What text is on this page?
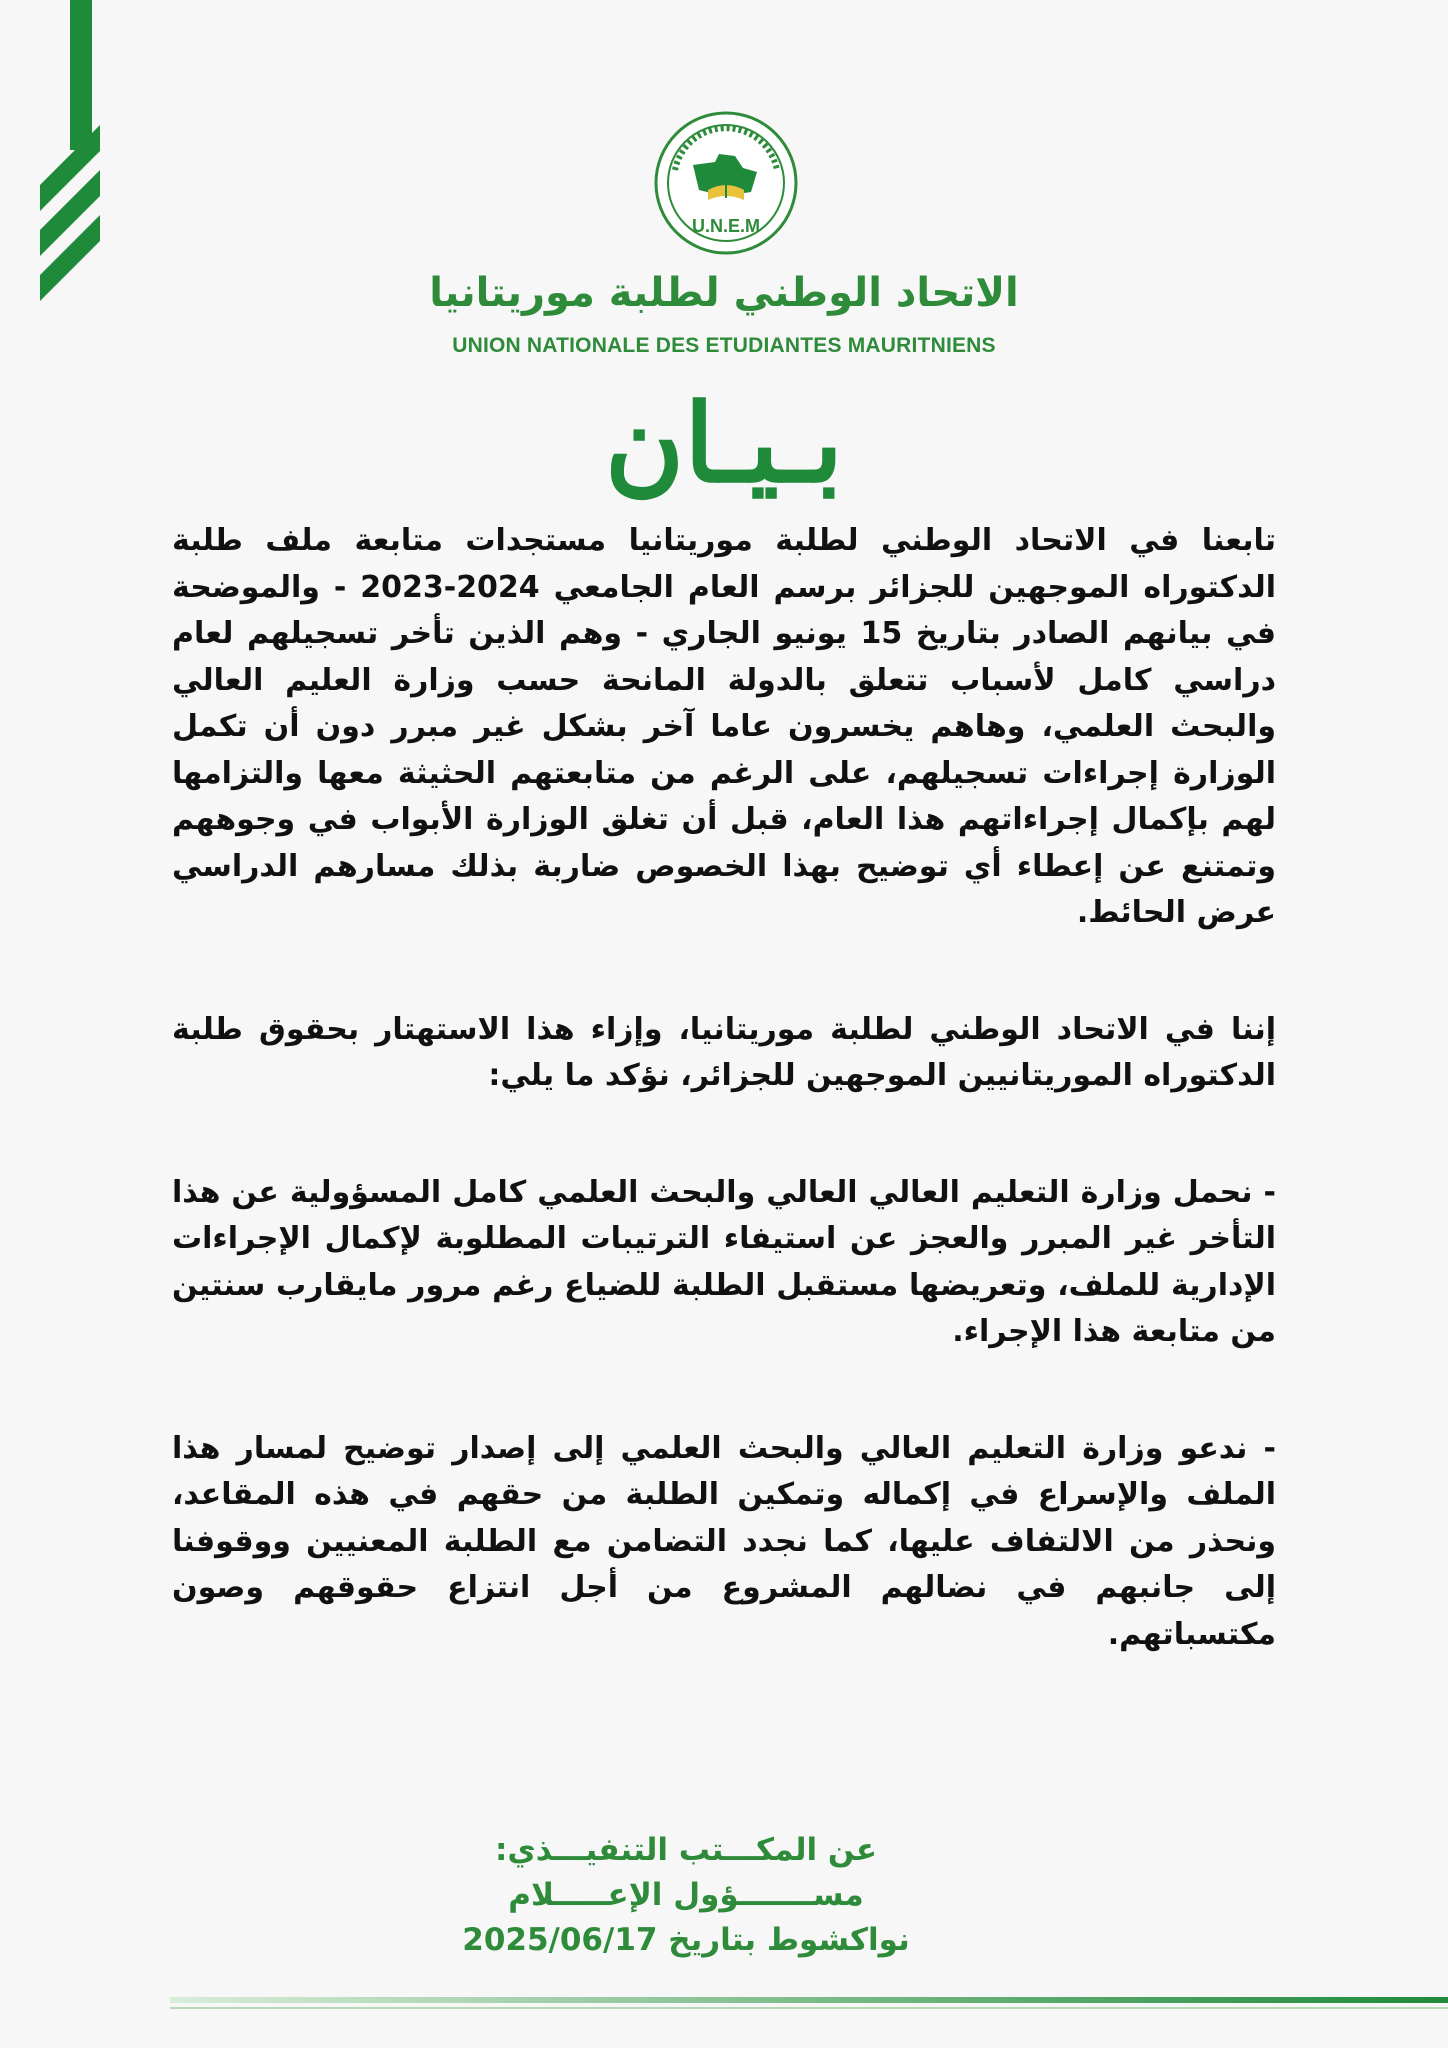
U.N.E.M
الاتحاد الوطني لطلبة موريتانيا
UNION NATIONALE DES ETUDIANTES MAURITNIENS
بـيـان

تابعنا في الاتحاد الوطني لطلبة موريتانيا مستجدات متابعة ملف طلبة الدكتوراه الموجهين للجزائر برسم العام الجامعي 2024-2023 - والموضحة في بيانهم الصادر بتاريخ 15 يونيو الجاري - وهم الذين تأخر تسجيلهم لعام دراسي كامل لأسباب تتعلق بالدولة المانحة حسب وزارة العليم العالي والبحث العلمي، وهاهم يخسرون عاما آخر بشكل غير مبرر دون أن تكمل الوزارة إجراءات تسجيلهم، على الرغم من متابعتهم الحثيثة معها والتزامها لهم بإكمال إجراءاتهم هذا العام، قبل أن تغلق الوزارة الأبواب في وجوههم وتمتنع عن إعطاء أي توضيح بهذا الخصوص ضاربة بذلك مسارهم الدراسي عرض الحائط.

إننا في الاتحاد الوطني لطلبة موريتانيا، وإزاء هذا الاستهتار بحقوق طلبة الدكتوراه الموريتانيين الموجهين للجزائر، نؤكد ما يلي:

- نحمل وزارة التعليم العالي العالي والبحث العلمي كامل المسؤولية عن هذا التأخر غير المبرر والعجز عن استيفاء الترتيبات المطلوبة لإكمال الإجراءات الإدارية للملف، وتعريضها مستقبل الطلبة للضياع رغم مرور مايقارب سنتين من متابعة هذا الإجراء.

- ندعو وزارة التعليم العالي والبحث العلمي إلى إصدار توضيح لمسار هذا الملف والإسراع في إكماله وتمكين الطلبة من حقهم في هذه المقاعد، ونحذر من الالتفاف عليها، كما نجدد التضامن مع الطلبة المعنيين ووقوفنا إلى جانبهم في نضالهم المشروع من أجل انتزاع حقوقهم وصون مكتسباتهم.

عن المكـــتب التنفيـــذي:
مســـــــؤول الإعـــــلام
نواكشوط بتاريخ 2025/06/17
